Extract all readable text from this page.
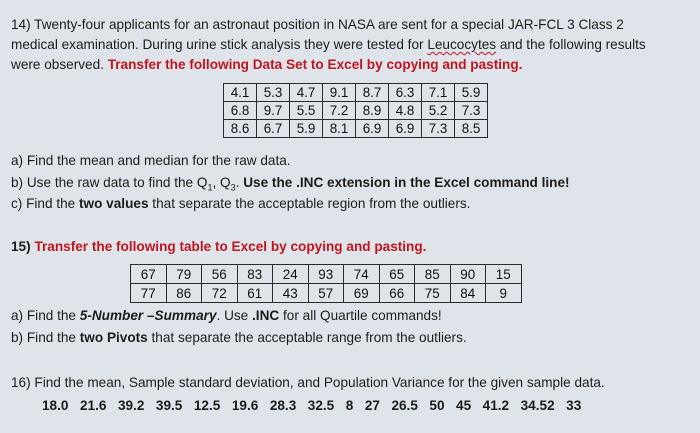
14) Twenty-four applicants for an astronaut position in NASA are sent for a special JAR-FCL 3 Class 2

medical examination. During urine stick analysis they were tested for Leucocytes and the following results

were observed. Transfer the following Data Set to Excel by copying and pasting.

4.1	5.3	4.7	9.1	8.7	6.3	7.1	5.9
6.8	9.7	5.5	7.2	8.9	4.8	5.2	7.3
8.6	6.7	5.9	8.1	6.9	6.9	7.3	8.5

a) Find the mean and median for the raw data.

b) Use the raw data to find the $Q_1$, $Q_3$. Use the .INC extension in the Excel command line!

c) Find the two values that separate the acceptable region from the outliers.

15) Transfer the following table to Excel by copying and pasting.

67	79	56	83	24	93	74	65	85	90	15
77	86	72	61	43	57	69	66	75	84	9

a) Find the 5-Number –Summary. Use .INC for all Quartile commands!

b) Find the two Pivots that separate the acceptable range from the outliers.

16) Find the mean, Sample standard deviation, and Population Variance for the given sample data.

18.0 21.6 39.2 39.5 12.5 19.6 28.3 32.5 8 27 26.5 50 45 41.2 34.52 33
